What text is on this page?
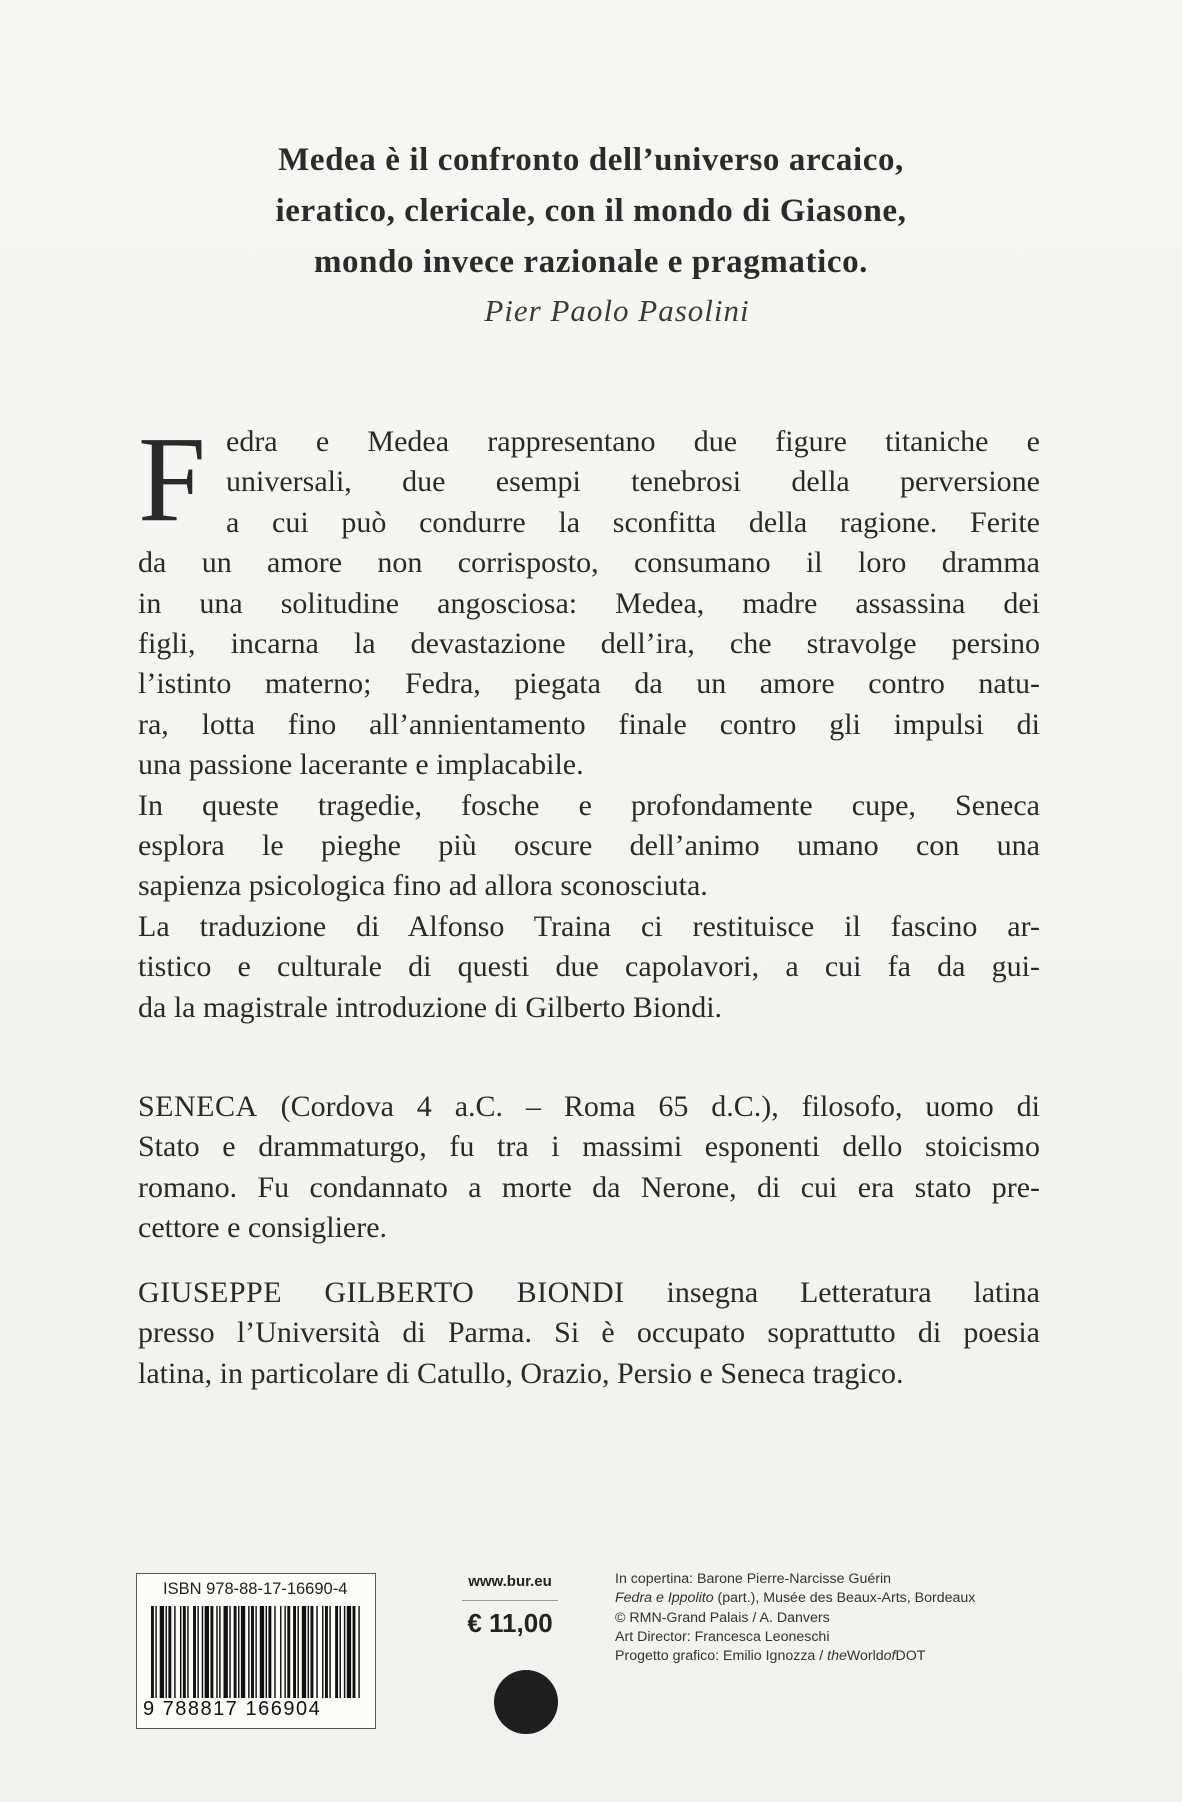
Medea è il confronto dell’universo arcaico,
ieratico, clericale, con il mondo di Giasone,
mondo invece razionale e pragmatico.
Pier Paolo Pasolini
F edra e Medea rappresentano due figure titaniche e
universali, due esempi tenebrosi della perversione
a cui può condurre la sconfitta della ragione. Ferite
da un amore non corrisposto, consumano il loro dramma
in una solitudine angosciosa: Medea, madre assassina dei
figli, incarna la devastazione dell’ira, che stravolge persino
l’istinto materno; Fedra, piegata da un amore contro natu-
ra, lotta fino all’annientamento finale contro gli impulsi di
una passione lacerante e implacabile.
In queste tragedie, fosche e profondamente cupe, Seneca
esplora le pieghe più oscure dell’animo umano con una
sapienza psicologica fino ad allora sconosciuta.
La traduzione di Alfonso Traina ci restituisce il fascino ar-
tistico e culturale di questi due capolavori, a cui fa da gui-
da la magistrale introduzione di Gilberto Biondi.
SENECA (Cordova 4 a.C. – Roma 65 d.C.), filosofo, uomo di
Stato e drammaturgo, fu tra i massimi esponenti dello stoicismo
romano. Fu condannato a morte da Nerone, di cui era stato pre-
cettore e consigliere.
GIUSEPPE GILBERTO BIONDI insegna Letteratura latina
presso l’Università di Parma. Si è occupato soprattutto di poesia
latina, in particolare di Catullo, Orazio, Persio e Seneca tragico.
ISBN 978-88-17-16690-4
9 788817 166904
www.bur.eu
€ 11,00
In copertina: Barone Pierre-Narcisse Guérin
Fedra e Ippolito (part.), Musée des Beaux-Arts, Bordeaux
© RMN-Grand Palais / A. Danvers
Art Director: Francesca Leoneschi
Progetto grafico: Emilio Ignozza / theWorldofDOT
